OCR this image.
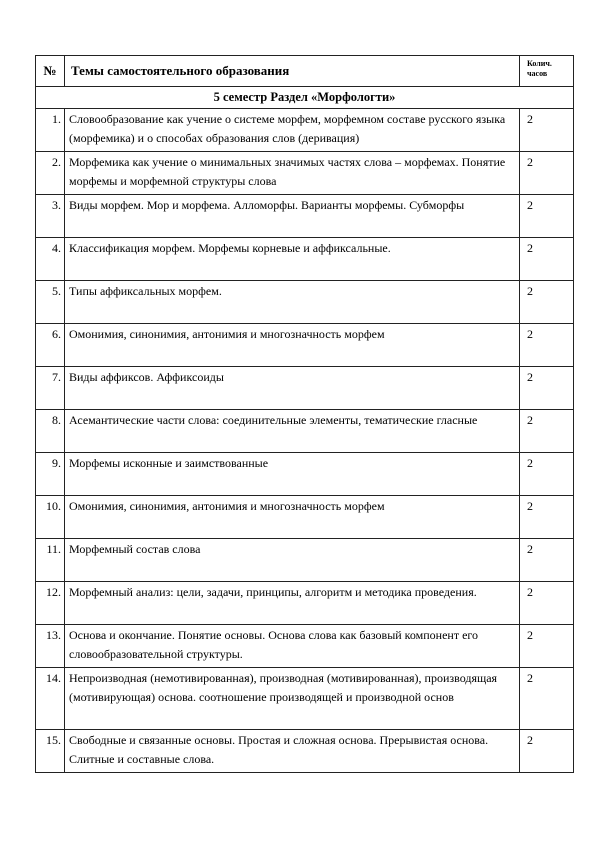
№	Темы самостоятельного образования	Колич.
часов
5 семестр Раздел «Морфологти»		
1.	Словообразование как учение о системе морфем, морфемном составе русского языка (морфемика) и о способах образования слов (деривация)	2
2.	Морфемика как учение о минимальных значимых частях слова – морфемах. Понятие морфемы и морфемной структуры слова	2
3.	Виды морфем. Мор и морфема. Алломорфы. Варианты морфемы. Субморфы	2
4.	Классификация морфем. Морфемы корневые и аффиксальные.	2
5.	Типы аффиксальных морфем.	2
6.	Омонимия, синонимия, антонимия и многозначность морфем	2
7.	Виды аффиксов. Аффиксоиды	2
8.	Асемантические части слова: соединительные элементы, тематические гласные	2
9.	Морфемы исконные и заимствованные	2
10.	Омонимия, синонимия, антонимия и многозначность морфем	2
11.	Морфемный состав слова	2
12.	Морфемный анализ: цели, задачи, принципы, алгоритм и методика проведения.	2
13.	Основа и окончание. Понятие основы. Основа слова как базовый компонент его словообразовательной структуры.	2
14.	Непроизводная (немотивированная), производная (мотивированная), производящая (мотивирующая) основа. соотношение производящей и производной основ	2
15.	Свободные и связанные основы. Простая и сложная основа. Прерывистая основа. Слитные и составные слова.	2
